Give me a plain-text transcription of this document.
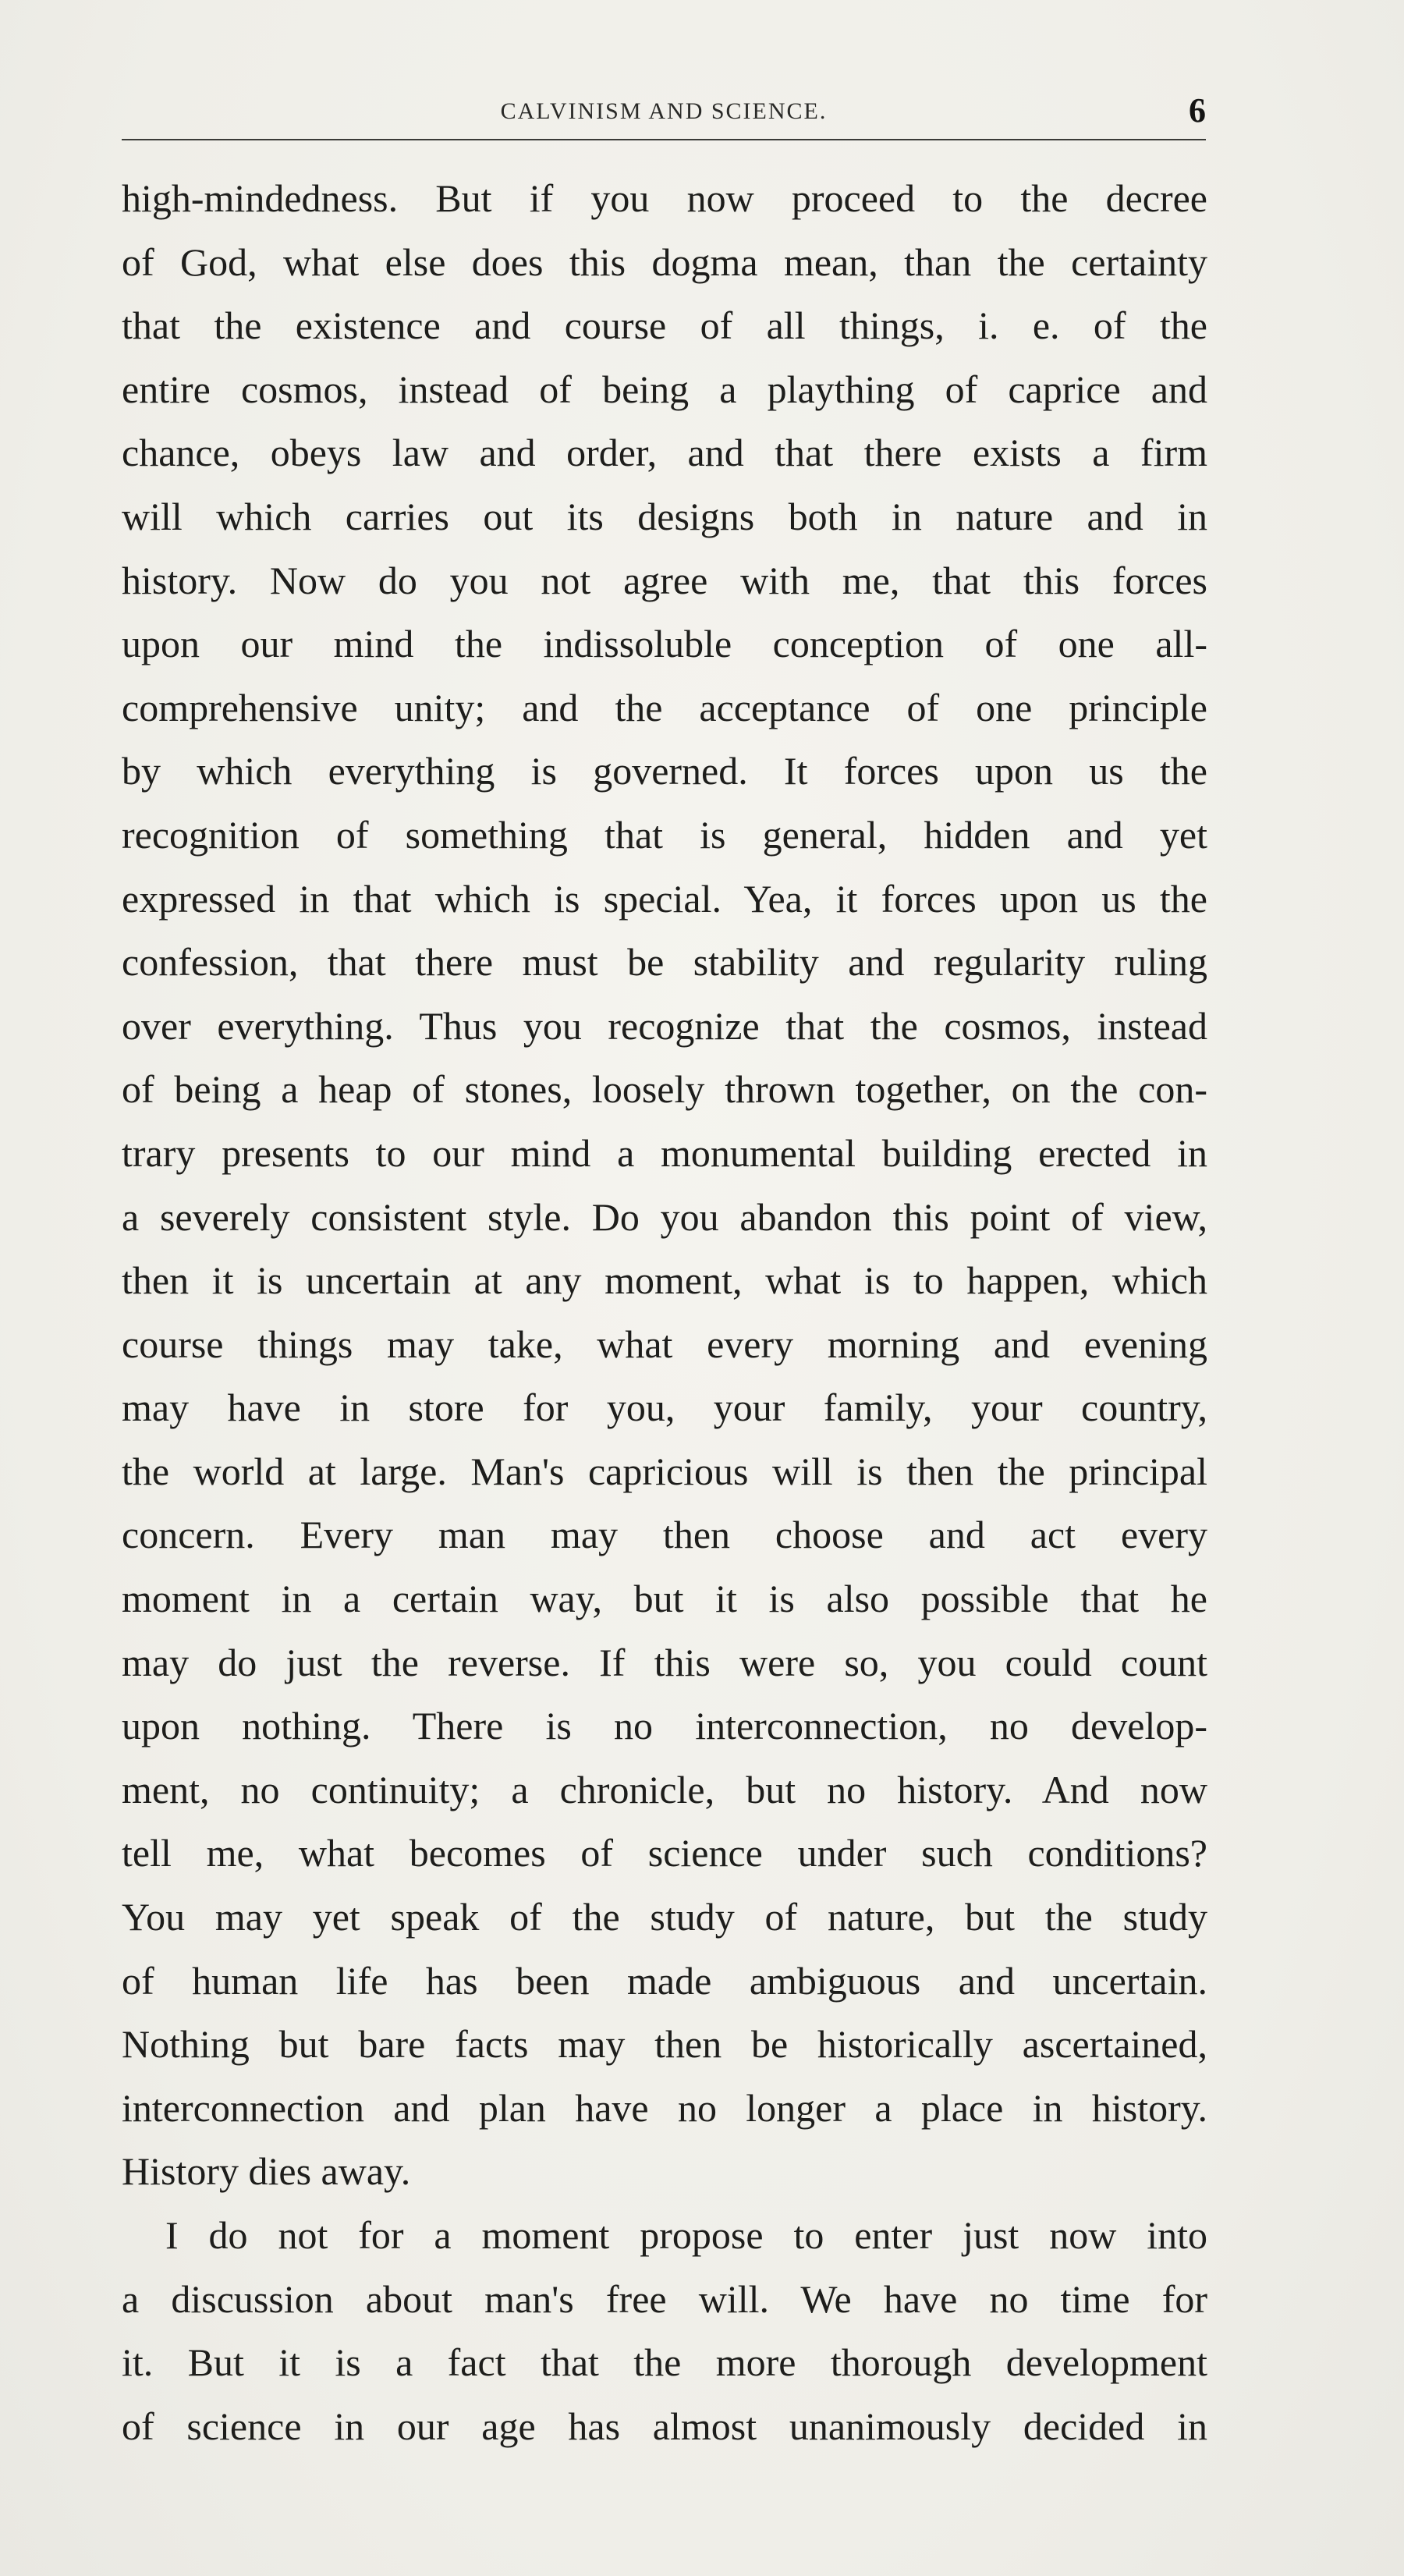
CALVINISM AND SCIENCE.	6
high-mindedness. But if you now proceed to the decree
of God, what else does this dogma mean, than the certainty
that the existence and course of all things, i. e. of the
entire cosmos, instead of being a plaything of caprice and
chance, obeys law and order, and that there exists a firm
will which carries out its designs both in nature and in
history. Now do you not agree with me, that this forces
upon our mind the indissoluble conception of one all-
comprehensive unity; and the acceptance of one principle
by which everything is governed. It forces upon us the
recognition of something that is general, hidden and yet
expressed in that which is special. Yea, it forces upon us the
confession, that there must be stability and regularity ruling
over everything. Thus you recognize that the cosmos, instead
of being a heap of stones, loosely thrown together, on the con-
trary presents to our mind a monumental building erected in
a severely consistent style. Do you abandon this point of view,
then it is uncertain at any moment, what is to happen, which
course things may take, what every morning and evening
may have in store for you, your family, your country,
the world at large. Man's capricious will is then the principal
concern. Every man may then choose and act every
moment in a certain way, but it is also possible that he
may do just the reverse. If this were so, you could count
upon nothing. There is no interconnection, no develop-
ment, no continuity; a chronicle, but no history. And now
tell me, what becomes of science under such conditions?
You may yet speak of the study of nature, but the study
of human life has been made ambiguous and uncertain.
Nothing but bare facts may then be historically ascertained,
interconnection and plan have no longer a place in history.
History dies away.
I do not for a moment propose to enter just now into
a discussion about man's free will. We have no time for
it. But it is a fact that the more thorough development
of science in our age has almost unanimously decided in
